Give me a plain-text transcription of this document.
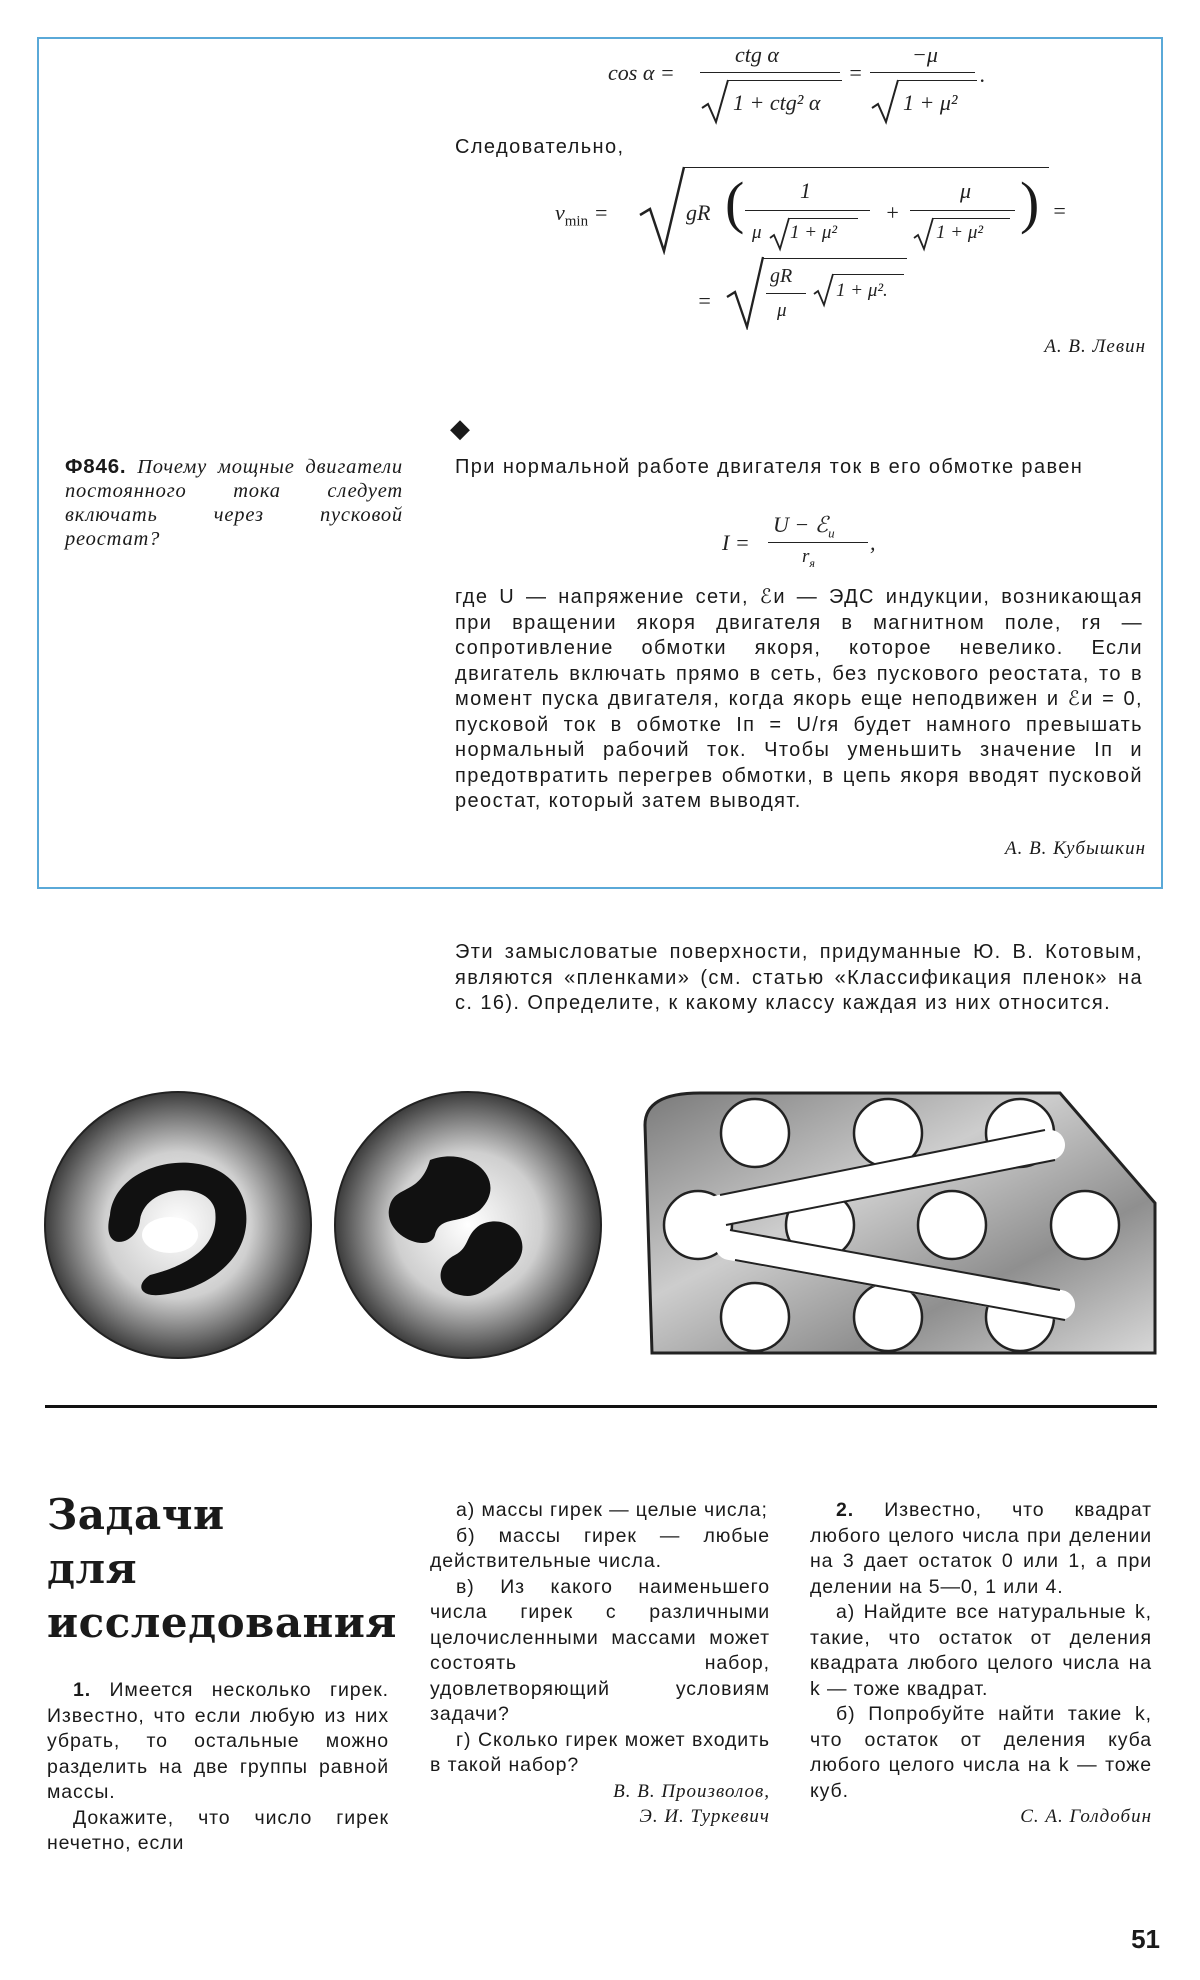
cos α =
ctg α
1 + ctg² α
=
−μ
1 + μ²
.
Следовательно,
$v_{min}$ =	gR (	1
μ 1 + μ²
+
μ
1 + μ² ) =
=
gR
μ
1 + μ².
А. В. Левин
◆
Ф846. Почему мощные двигатели постоянного тока следует включать через пусковой реостат?
При нормальной работе двигателя ток в его обмотке равен
I =
U − ℰ$_и$
$r_я$
,
где U — напряжение сети, ℰи — ЭДС индукции, возникающая при вращении якоря двигателя в магнитном поле, rя — сопротивление обмотки якоря, которое невелико. Если двигатель включать прямо в сеть, без пускового реостата, то в момент пуска двигателя, когда якорь еще неподвижен и ℰи = 0, пусковой ток в обмотке Iп = U/rя будет намного превышать нормальный рабочий ток. Чтобы уменьшить значение Iп и предотвратить перегрев обмотки, в цепь якоря вводят пусковой реостат, который затем выводят.
А. В. Кубышкин
Эти замысловатые поверхности, придуманные Ю. В. Котовым, являются «пленками» (см. статью «Классификация пленок» на с. 16). Определите, к какому классу каждая из них относится.
Задачи
для
исследования

1. Имеется несколько гирек. Известно, что если любую из них убрать, то остальные можно разделить на две группы равной массы.

Докажите, что число гирек нечетно, если

а) массы гирек — целые числа;

б) массы гирек — любые действительные числа.

в) Из какого наименьшего числа гирек с различными целочисленными массами может состоять набор, удовлетворяющий условиям задачи?

г) Сколько гирек может входить в такой набор?

В. В. Произволов,

Э. И. Туркевич

2. Известно, что квадрат любого целого числа при делении на 3 дает остаток 0 или 1, а при делении на 5—0, 1 или 4.

а) Найдите все натуральные k, такие, что остаток от деления квадрата любого целого числа на k — тоже квадрат.

б) Попробуйте найти такие k, что остаток от деления куба любого целого числа на k — тоже куб.

С. А. Голдобин

51
